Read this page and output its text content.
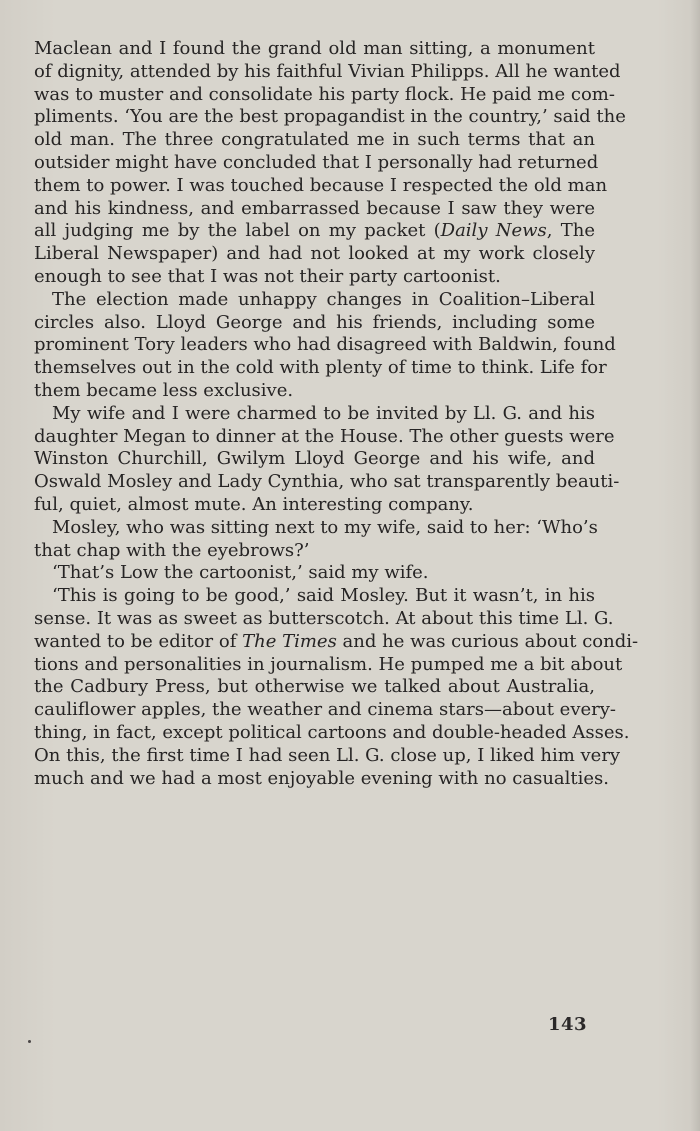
Maclean and I found the grand old man sitting, a monument
of dignity, attended by his faithful Vivian Philipps. All he wanted
was to muster and consolidate his party flock. He paid me com-
pliments. ‘You are the best propagandist in the country,’ said the
old man. The three congratulated me in such terms that an
outsider might have concluded that I personally had returned
them to power. I was touched because I respected the old man
and his kindness, and embarrassed because I saw they were
all judging me by the label on my packet (Daily News, The
Liberal Newspaper) and had not looked at my work closely
enough to see that I was not their party cartoonist.
The election made unhappy changes in Coalition–Liberal
circles also. Lloyd George and his friends, including some
prominent Tory leaders who had disagreed with Baldwin, found
themselves out in the cold with plenty of time to think. Life for
them became less exclusive.
My wife and I were charmed to be invited by Ll. G. and his
daughter Megan to dinner at the House. The other guests were
Winston Churchill, Gwilym Lloyd George and his wife, and
Oswald Mosley and Lady Cynthia, who sat transparently beauti-
ful, quiet, almost mute. An interesting company.
Mosley, who was sitting next to my wife, said to her: ‘Who’s
that chap with the eyebrows?’
‘That’s Low the cartoonist,’ said my wife.
‘This is going to be good,’ said Mosley. But it wasn’t, in his
sense. It was as sweet as butterscotch. At about this time Ll. G.
wanted to be editor of The Times and he was curious about condi-
tions and personalities in journalism. He pumped me a bit about
the Cadbury Press, but otherwise we talked about Australia,
cauliflower apples, the weather and cinema stars—about every-
thing, in fact, except political cartoons and double-headed Asses.
On this, the first time I had seen Ll. G. close up, I liked him very
much and we had a most enjoyable evening with no casualties.
143
